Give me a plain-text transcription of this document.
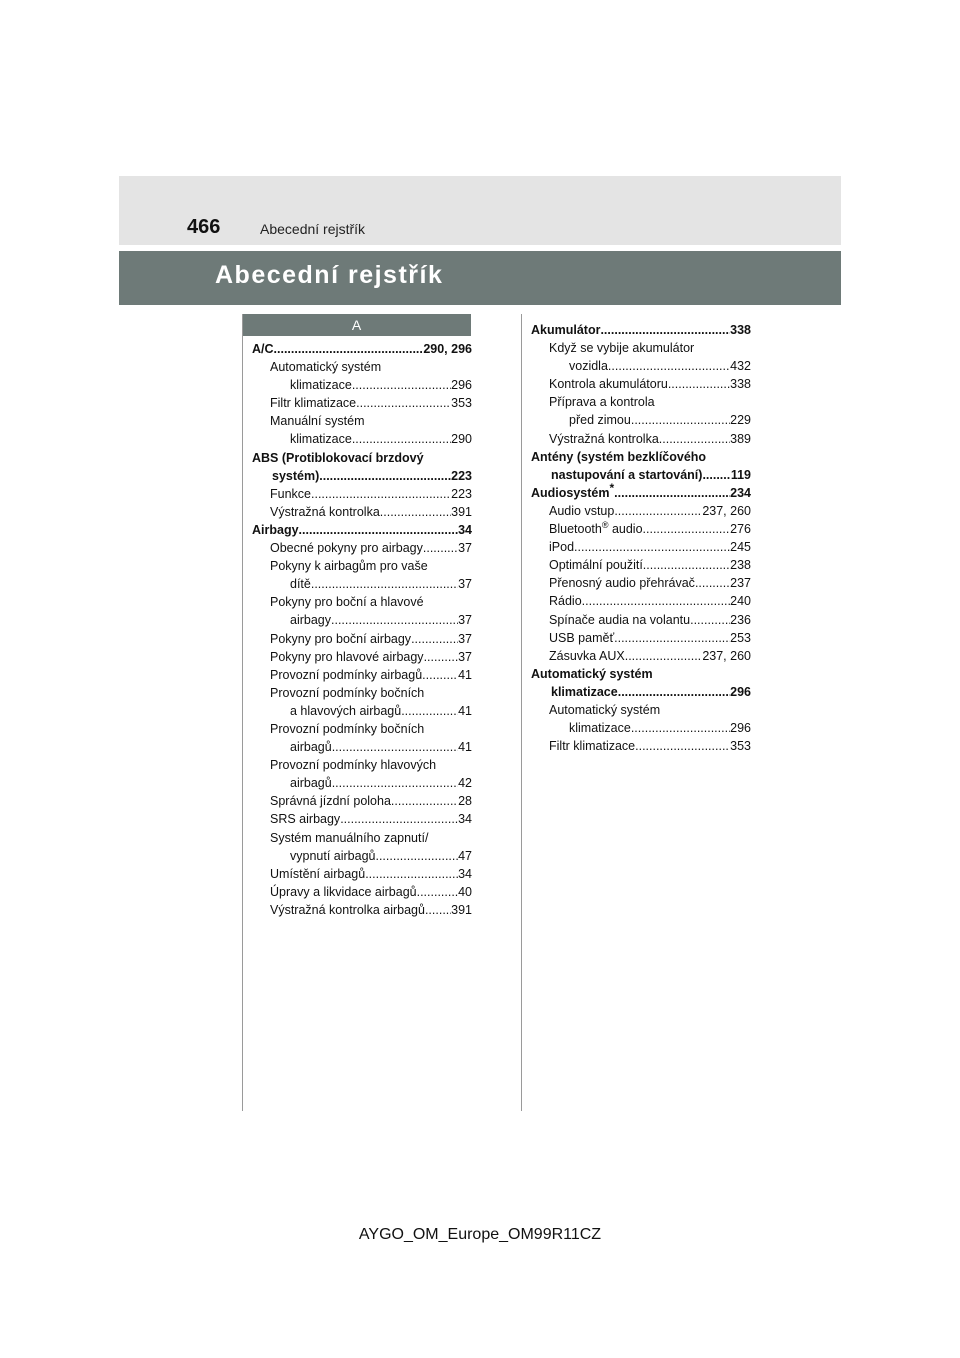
466	Abecední rejstřík
Abecední rejstřík
A
A/C .....	290, 296
Automatický systém
klimatizace .....	296
Filtr klimatizace .....	353
Manuální systém
klimatizace .....	290
ABS (Protiblokovací brzdový
systém) .....	223
Funkce .....	223
Výstražná kontrolka .....	391
Airbagy .....	34
Obecné pokyny pro airbagy .....	37
Pokyny k airbagům pro vaše
dítě .....	37
Pokyny pro boční a hlavové
airbagy .....	37
Pokyny pro boční airbagy .....	37
Pokyny pro hlavové airbagy .....	37
Provozní podmínky airbagů .....	41
Provozní podmínky bočních
a hlavových airbagů .....	41
Provozní podmínky bočních
airbagů .....	41
Provozní podmínky hlavových
airbagů .....	42
Správná jízdní poloha .....	28
SRS airbagy .....	34
Systém manuálního zapnutí/
vypnutí airbagů .....	47
Umístění airbagů .....	34
Úpravy a likvidace airbagů .....	40
Výstražná kontrolka airbagů ..... 391
Akumulátor .....	338
Když se vybije akumulátor
vozidla .....	432
Kontrola akumulátoru .....	338
Příprava a kontrola
před zimou .....	229
Výstražná kontrolka .....	389
Antény (systém bezklíčového
nastupování a startování) ..... 119
Audiosystém* .....	234
Audio vstup .....	237, 260
Bluetooth® audio .....	276
iPod .....	245
Optimální použití .....	238
Přenosný audio přehrávač .....	237
Rádio .....	240
Spínače audia na volantu .....	236
USB paměť .....	253
Zásuvka AUX .....	237, 260
Automatický systém
klimatizace .....	296
Automatický systém
klimatizace .....	296
Filtr klimatizace .....	353
AYGO_OM_Europe_OM99R11CZ
